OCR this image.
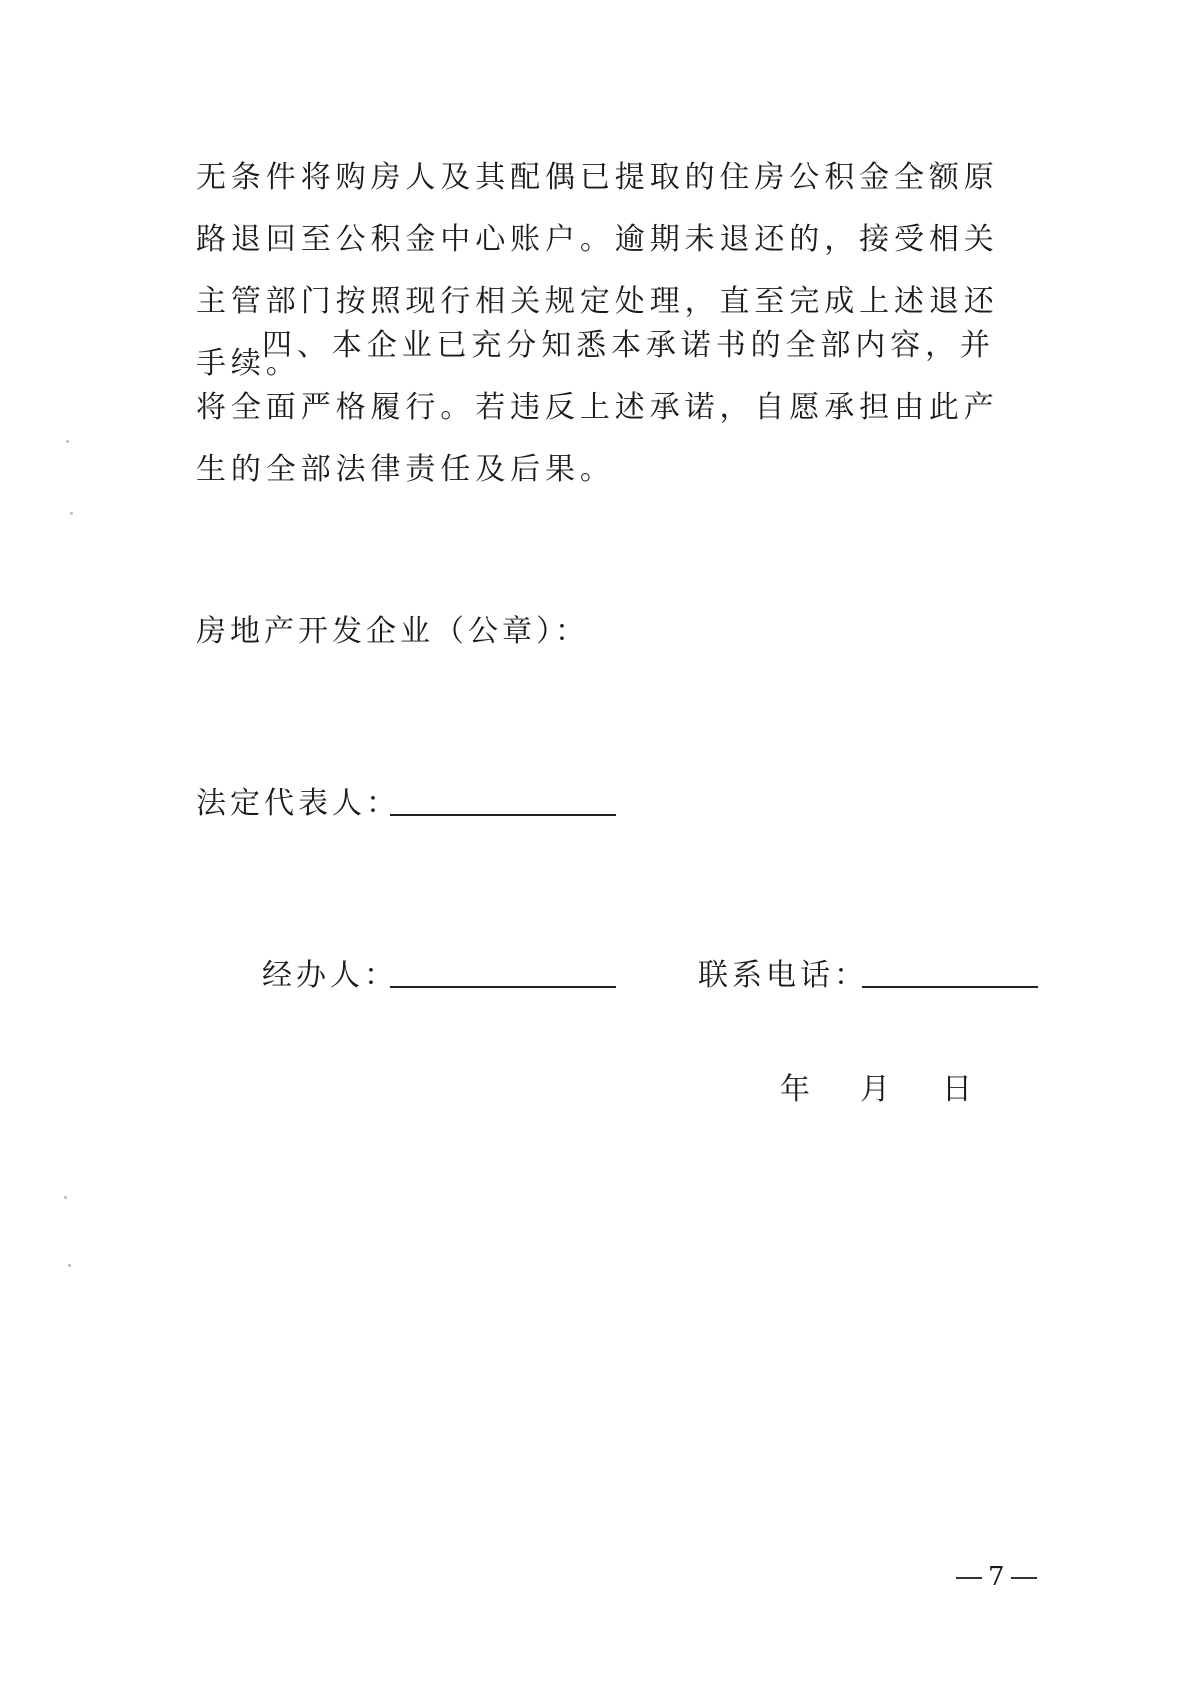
无条件将购房人及其配偶已提取的住房公积金全额原路退回至公积金中心账户。逾期未退还的，接受相关主管部门按照现行相关规定处理，直至完成上述退还手续。

四、本企业已充分知悉本承诺书的全部内容，并将全面严格履行。若违反上述承诺，自愿承担由此产生的全部法律责任及后果。

房地产开发企业（公章）：
法定代表人：
经办人：	联系电话：
年 月 日
7
